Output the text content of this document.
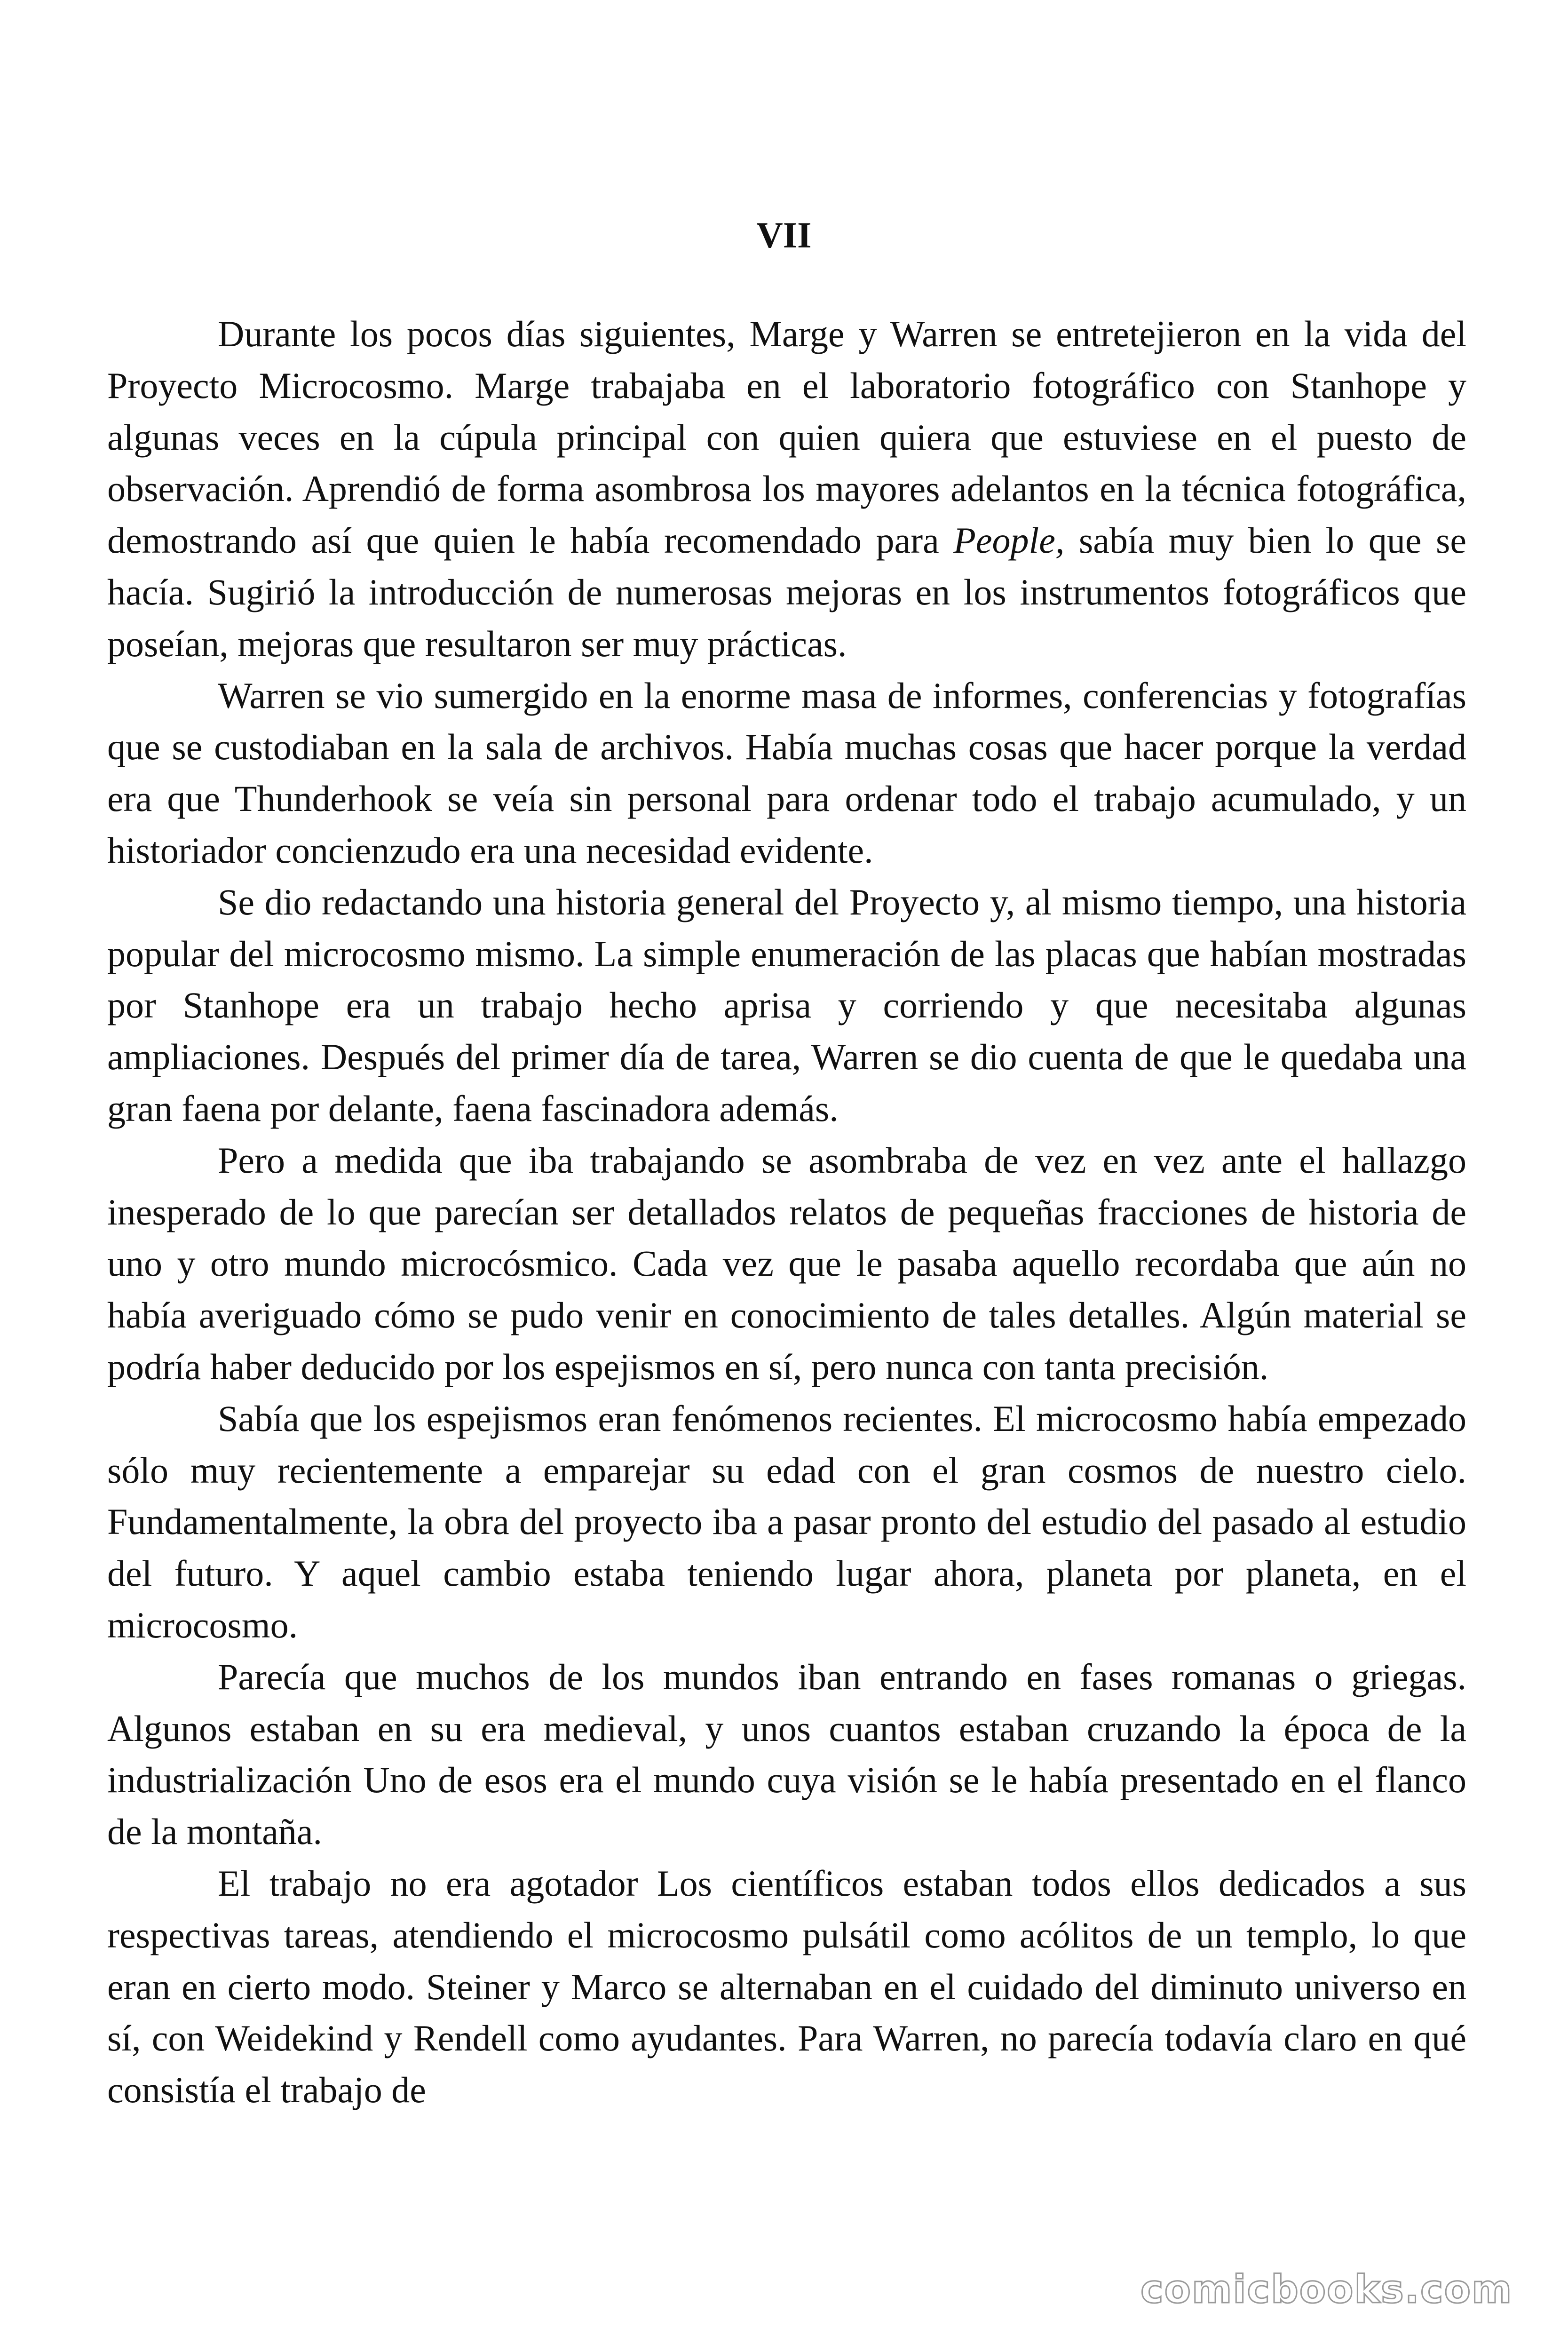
VII

Durante los pocos días siguientes, Marge y Warren se entretejieron en la vida del Proyecto Microcosmo. Marge trabajaba en el laboratorio fotográfico con Stanhope y algunas veces en la cúpula principal con quien quiera que estuviese en el puesto de observación. Aprendió de forma asombrosa los mayores adelantos en la técnica fotográfica, demostrando así que quien le había recomendado para People, sabía muy bien lo que se hacía. Sugirió la introducción de numerosas mejoras en los instrumentos fotográficos que poseían, mejoras que resultaron ser muy prácticas.

Warren se vio sumergido en la enorme masa de informes, conferencias y fotografías que se custodiaban en la sala de archivos. Había muchas cosas que hacer porque la verdad era que Thunderhook se veía sin personal para ordenar todo el trabajo acumulado, y un historiador concienzudo era una necesidad evidente.

Se dio redactando una historia general del Proyecto y, al mismo tiempo, una historia popular del microcosmo mismo. La simple enumeración de las placas que habían mostradas por Stanhope era un trabajo hecho aprisa y corriendo y que necesitaba algunas ampliaciones. Después del primer día de tarea, Warren se dio cuenta de que le quedaba una gran faena por delante, faena fascinadora además.

Pero a medida que iba trabajando se asombraba de vez en vez ante el hallazgo inesperado de lo que parecían ser detallados relatos de pequeñas fracciones de historia de uno y otro mundo microcósmico. Cada vez que le pasaba aquello recordaba que aún no había averiguado cómo se pudo venir en conocimiento de tales detalles. Algún material se podría haber deducido por los espejismos en sí, pero nunca con tanta precisión.

Sabía que los espejismos eran fenómenos recientes. El microcosmo había empezado sólo muy recientemente a emparejar su edad con el gran cosmos de nuestro cielo. Fundamentalmente, la obra del proyecto iba a pasar pronto del estudio del pasado al estudio del futuro. Y aquel cambio estaba teniendo lugar ahora, planeta por planeta, en el microcosmo.

Parecía que muchos de los mundos iban entrando en fases romanas o griegas. Algunos estaban en su era medieval, y unos cuantos estaban cruzando la época de la industrialización Uno de esos era el mundo cuya visión se le había presentado en el flanco de la montaña.

El trabajo no era agotador Los científicos estaban todos ellos dedicados a sus respectivas tareas, atendiendo el microcosmo pulsátil como acólitos de un templo, lo que eran en cierto modo. Steiner y Marco se alternaban en el cuidado del diminuto universo en sí, con Weidekind y Rendell como ayudantes. Para Warren, no parecía todavía claro en qué consistía el trabajo de

comicbooks.com
